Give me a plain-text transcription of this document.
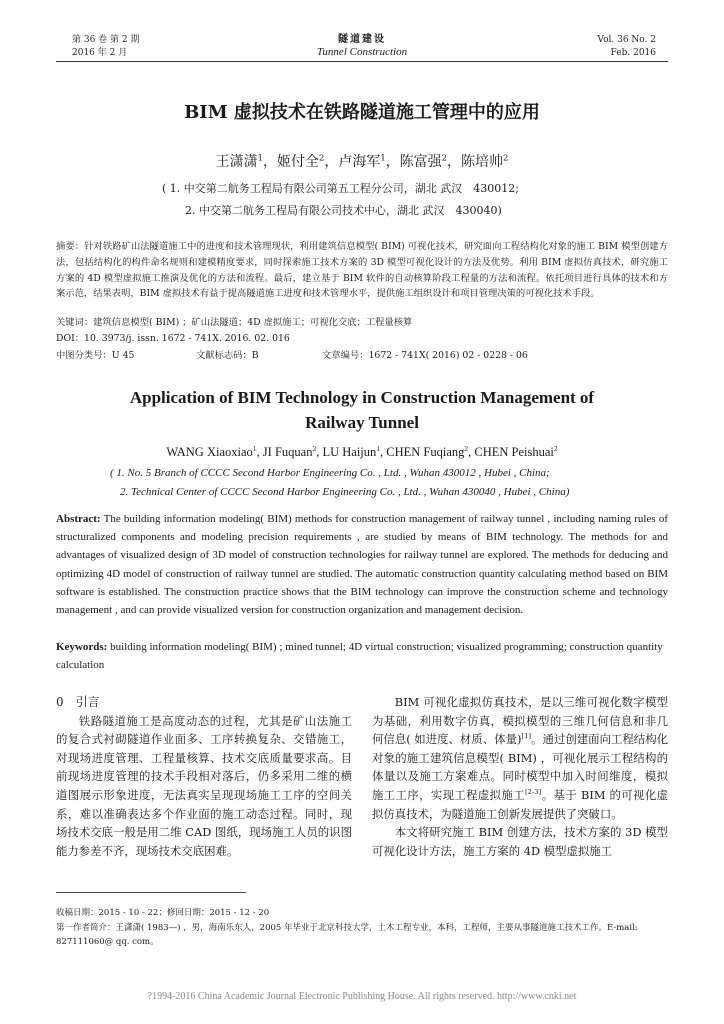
第 36 卷 第 2 期
2016 年 2 月
隧道建设
Tunnel Construction
Vol. 36 No. 2
Feb. 2016
BIM 虚拟技术在铁路隧道施工管理中的应用
王潇潇$^1$，姬付全$^2$，卢海军$^1$，陈富强$^2$，陈培帅$^2$
( 1. 中交第二航务工程局有限公司第五工程分公司，湖北 武汉　430012;
2. 中交第二航务工程局有限公司技术中心，湖北 武汉　430040)
摘要：针对铁路矿山法隧道施工中的进度和技术管理现状，利用建筑信息模型( BIM) 可视化技术，研究面向工程结构化对象的施工 BIM 模型创建方法，包括结构化的构件命名规则和建模精度要求，同时探索施工技术方案的 3D 模型可视化设计的方法及优势。利用 BIM 虚拟仿真技术，研究施工方案的 4D 模型虚拟施工推演及优化的方法和流程。最后，建立基于 BIM 软件的自动核算阶段工程量的方法和流程。依托项目进行具体的技术和方案示范，结果表明，BIM 虚拟技术有益于提高隧道施工进度和技术管理水平，提供施工组织设计和项目管理决策的可视化技术手段。
关键词：建筑信息模型( BIM) ；矿山法隧道；4D 虚拟施工；可视化交底；工程量核算
DOI：10. 3973/j. issn. 1672 - 741X. 2016. 02. 016
中图分类号：U 45	文献标志码：B	文章编号：1672 - 741X( 2016) 02 - 0228 - 06
Application of BIM Technology in Construction Management of Railway Tunnel
WANG Xiaoxiao$^1$, JI Fuquan$^2$, LU Haijun$^1$, CHEN Fuqiang$^2$, CHEN Peishuai$^2$
( 1. No. 5 Branch of CCCC Second Harbor Engineering Co. , Ltd. , Wuhan 430012 , Hubei , China;
2. Technical Center of CCCC Second Harbor Engineering Co. , Ltd. , Wuhan 430040 , Hubei , China)
Abstract: The building information modeling( BIM) methods for construction management of railway tunnel , including naming rules of structuralized components and modeling precision requirements , are studied by means of BIM technology. The methods for and advantages of visualized design of 3D model of construction technologies for railway tunnel are explored. The methods for deducing and optimizing 4D model of construction of railway tunnel are studied. The automatic construction quantity calculating method based on BIM software is established. The construction practice shows that the BIM technology can improve the construction scheme and technology management , and can provide visualized version for construction organization and management decision.
Keywords: building information modeling( BIM) ; mined tunnel; 4D virtual construction; visualized programming; construction quantity calculation
0　引言

铁路隧道施工是高度动态的过程，尤其是矿山法施工的复合式衬砌隧道作业面多、工序转换复杂、交错施工，对现场进度管理、工程量核算、技术交底质量要求高。目前现场进度管理的技术手段相对落后，仍多采用二维的横道图展示形象进度，无法真实呈现现场施工工序的空间关系，难以准确表达多个作业面的施工动态过程。同时，现场技术交底一般是用二维 CAD 图纸，现场施工人员的识图能力参差不齐，现场技术交底困难。

BIM 可视化虚拟仿真技术，是以三维可视化数字模型为基础，利用数字仿真，模拟模型的三维几何信息和非几何信息( 如进度、材质、体量)[1]。通过创建面向工程结构化对象的施工建筑信息模型( BIM) ，可视化展示工程结构的体量以及施工方案难点。同时模型中加入时间维度，模拟施工工序，实现工程虚拟施工[2-3]。基于 BIM 的可视化虚拟仿真技术，为隧道施工创新发展提供了突破口。

本文将研究施工 BIM 创建方法，技术方案的 3D 模型可视化设计方法，施工方案的 4D 模型虚拟施工

收稿日期：2015 - 10 - 22；修回日期：2015 - 12 - 20
第一作者简介：王潇潇( 1983—) ，男，海南乐东人，2005 年毕业于北京科技大学，土木工程专业，本科，工程师，主要从事隧道施工技术工作。E-mail: 827111060@ qq. com。
?1994-2016 China Academic Journal Electronic Publishing House. All rights reserved. http://www.cnki.net
